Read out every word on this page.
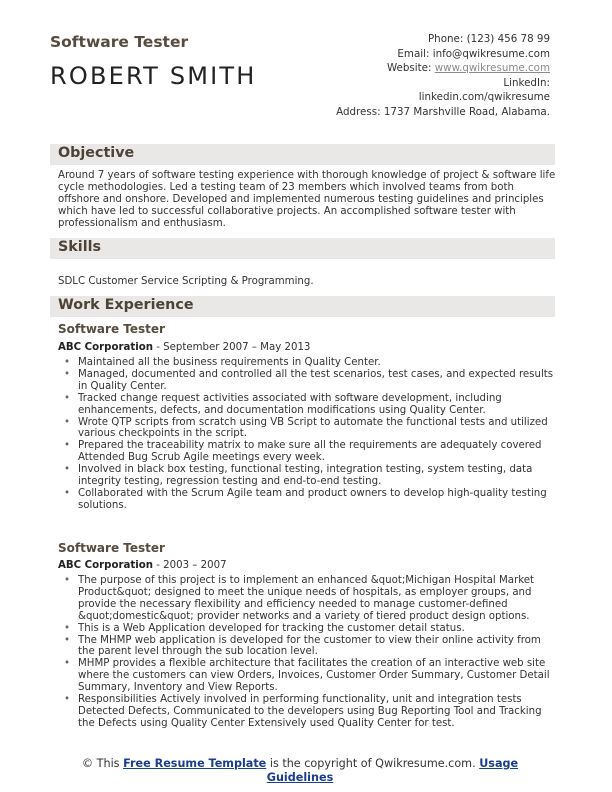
Software Tester
ROBERT SMITH
Phone: (123) 456 78 99
Email: info@qwikresume.com
Website: www.qwikresume.com
LinkedIn:
linkedin.com/qwikresume
Address: 1737 Marshville Road, Alabama.
Objective
Around 7 years of software testing experience with thorough knowledge of project & software life cycle methodologies. Led a testing team of 23 members which involved teams from both offshore and onshore. Developed and implemented numerous testing guidelines and principles which have led to successful collaborative projects. An accomplished software tester with professionalism and enthusiasm.
Skills
SDLC Customer Service Scripting & Programming.
Work Experience
Software Tester
ABC Corporation - September 2007 – May 2013
• Maintained all the business requirements in Quality Center.
• Managed, documented and controlled all the test scenarios, test cases, and expected results in Quality Center.
• Tracked change request activities associated with software development, including enhancements, defects, and documentation modifications using Quality Center.
• Wrote QTP scripts from scratch using VB Script to automate the functional tests and utilized various checkpoints in the script.
• Prepared the traceability matrix to make sure all the requirements are adequately covered Attended Bug Scrub Agile meetings every week.
• Involved in black box testing, functional testing, integration testing, system testing, data integrity testing, regression testing and end-to-end testing.
• Collaborated with the Scrum Agile team and product owners to develop high-quality testing solutions.
Software Tester
ABC Corporation - 2003 – 2007
• The purpose of this project is to implement an enhanced &quot;Michigan Hospital Market Product&quot; designed to meet the unique needs of hospitals, as employer groups, and provide the necessary flexibility and efficiency needed to manage customer-defined &quot;domestic&quot; provider networks and a variety of tiered product design options.
• This is a Web Application developed for tracking the customer detail status.
• The MHMP web application is developed for the customer to view their online activity from the parent level through the sub location level.
• MHMP provides a flexible architecture that facilitates the creation of an interactive web site where the customers can view Orders, Invoices, Customer Order Summary, Customer Detail Summary, Inventory and View Reports.
• Responsibilities Actively involved in performing functionality, unit and integration tests Detected Defects, Communicated to the developers using Bug Reporting Tool and Tracking the Defects using Quality Center Extensively used Quality Center for test.
© This Free Resume Template is the copyright of Qwikresume.com. Usage Guidelines
